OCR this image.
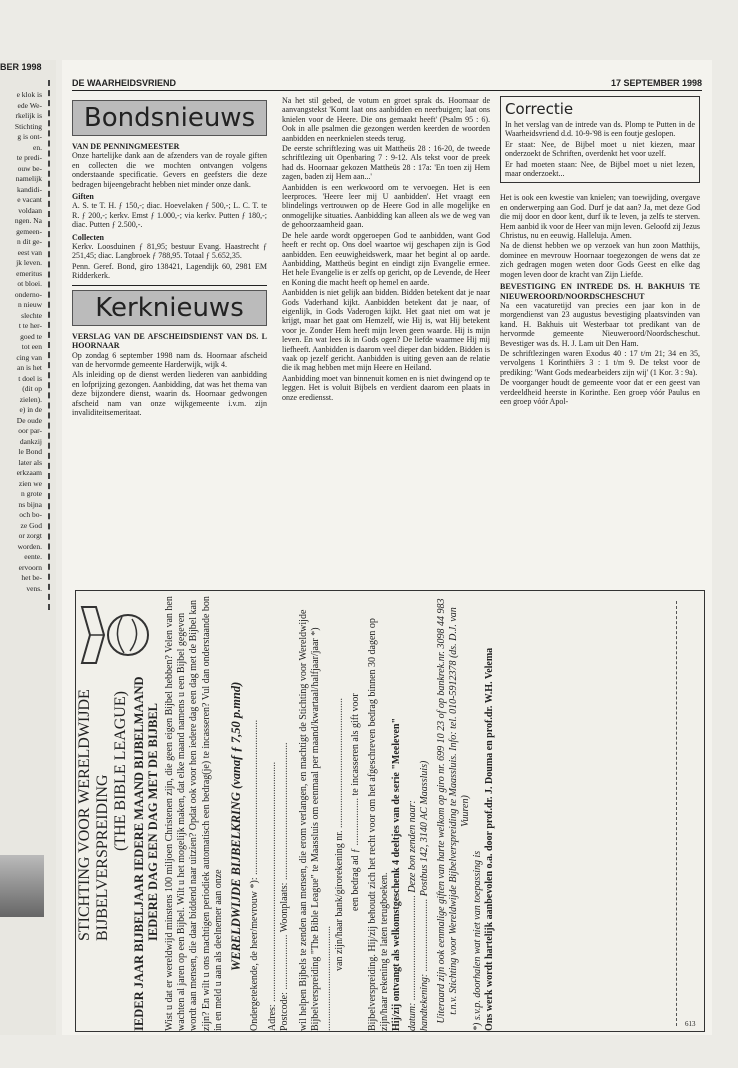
BER 1998
e klok is
ede We-
rkelijk is
Stichting
g is ont-
en.
te predi-
ouw be-
namelijk
kandidi-
e vacant
voldaan
ngen. Na
gemeen-
n dit ge-
eest van
jk leven.
emeritus
ot bloei.
onderno-
n nieuw
slechte
t te her-
goed te
tot een
cing van
an is het
t doel is
(dit op
zielen).
e) in de
De oude
oor par-
dankzij
le Bond
later als
erkzaam
zien we
n grote
ns bijna
och bo-
ze God
or zorgt
worden.
eente.
ervoorn
het be-
vens.
DE WAARHEIDSVRIEND	17 SEPTEMBER 1998
Bondsnieuws
VAN DE PENNINGMEESTER

Onze hartelijke dank aan de afzenders van de royale giften en collecten die we mochten ontvangen volgens onderstaande specificatie. Gevers en geefsters die deze bedragen bijeengebracht hebben niet minder onze dank.

Giften

A. S. te T. H. ƒ 150,-; diac. Hoevelaken ƒ 500,-; L. C. T. te R. ƒ 200,-; kerkv. Emst ƒ 1.000,-; via kerkv. Putten ƒ 180,-; diac. Putten ƒ 2.500,-.

Collecten

Kerkv. Loosduinen ƒ 81,95; bestuur Evang. Haastrecht ƒ 251,45; diac. Langbroek ƒ 788,95. Totaal ƒ 5.652,35.

Penn. Geref. Bond, giro 138421, Lagendijk 60, 2981 EM Ridderkerk.

Kerknieuws
VERSLAG VAN DE AFSCHEIDSDIENST VAN DS. L HOORNAAR

Op zondag 6 september 1998 nam ds. Hoornaar afscheid van de hervormde gemeente Harderwijk, wijk 4.

Als inleiding op de dienst werden liederen van aanbidding en lofprijzing gezongen. Aanbidding, dat was het thema van deze bijzondere dienst, waarin ds. Hoornaar gedwongen afscheid nam van onze wijkgemeente i.v.m. zijn invaliditeitsemeritaat.

Na het stil gebed, de votum en groet sprak ds. Hoornaar de aanvangstekst 'Komt laat ons aanbidden en neerbuigen; laat ons knielen voor de Heere. Die ons gemaakt heeft' (Psalm 95 : 6). Ook in alle psalmen die gezongen werden keerden de woorden aanbidden en neerknielen steeds terug.

De eerste schriftlezing was uit Mattheüs 28 : 16-20, de tweede schriftlezing uit Openbaring 7 : 9-12. Als tekst voor de preek had ds. Hoornaar gekozen Mattheüs 28 : 17a: 'En toen zij Hem zagen, baden zij Hem aan...'

Aanbidden is een werkwoord om te vervoegen. Het is een leerproces. 'Heere leer mij U aanbidden'. Het vraagt een blindelings vertrouwen op de Heere God in alle mogelijke en onmogelijke situaties. Aanbidding kan alleen als we de weg van de gehoorzaamheid gaan.

De hele aarde wordt opgeroepen God te aanbidden, want God heeft er recht op. Ons doel waartoe wij geschapen zijn is God aanbidden. Een eeuwigheidswerk, maar het begint al op aarde. Aanbidding, Mattheüs begint en eindigt zijn Evangelie ermee. Het hele Evangelie is er zelfs op gericht, op de Levende, de Heer en Koning die macht heeft op hemel en aarde.

Aanbidden is niet gelijk aan bidden. Bidden betekent dat je naar Gods Vaderhand kijkt. Aanbidden betekent dat je naar, of eigenlijk, in Gods Vaderogen kijkt. Het gaat niet om wat je krijgt, maar het gaat om Hemzelf, wie Hij is, wat Hij betekent voor je. Zonder Hem heeft mijn leven geen waarde. Hij is mijn leven. En wat lees ik in Gods ogen? De liefde waarmee Hij mij liefheeft. Aanbidden is daarom veel dieper dan bidden. Bidden is vaak op jezelf gericht. Aanbidden is uiting geven aan de relatie die ik mag hebben met mijn Heere en Heiland.

Aanbidding moet van binnenuit komen en is niet dwingend op te leggen. Het is voluit Bijbels en verdient daarom een plaats in onze erediensst.

Correctie

In het verslag van de intrede van ds. Plomp te Putten in de Waarheidsvriend d.d. 10-9-'98 is een foutje geslopen.

Er staat: Nee, de Bijbel moet u niet kiezen, maar onderzoekt de Schriften, overdenkt het voor uzelf.

Er had moeten staan: Nee, de Bijbel moet u niet lezen, maar onderzoekt...

Het is ook een kwestie van knielen; van toewijding, overgave en onderwerping aan God. Durf je dat aan? Ja, met deze God die mij door en door kent, durf ik te leven, ja zelfs te sterven. Hem aanbid ik voor de Heer van mijn leven. Geloofd zij Jezus Christus, nu en eeuwig. Halleluja. Amen.

Na de dienst hebben we op verzoek van hun zoon Matthijs, dominee en mevrouw Hoornaar toegezongen de wens dat ze zich gedragen mogen weten door Gods Geest en elke dag mogen leven door de kracht van Zijn Liefde.

BEVESTIGING EN INTREDE DS. H. BAKHUIS TE NIEUWEROORD/NOORDSCHESCHUT

Na een vacaturetijd van precies een jaar kon in de morgendienst van 23 augustus bevestiging plaatsvinden van kand. H. Bakhuis uit Westerbaar tot predikant van de hervormde gemeente Nieuweroord/Noordscheschut. Bevestiger was ds. H. J. Lam uit Den Ham.

De schriftlezingen waren Exodus 40 : 17 t/m 21; 34 en 35, vervolgens 1 Korinthiërs 3 : 1 t/m 9. De tekst voor de prediking: 'Want Gods medearbeiders zijn wij' (1 Kor. 3 : 9a).

De voorganger houdt de gemeente voor dat er een geest van verdeeldheid heerste in Korinthe. Een groep vóór Paulus en een groep vóór Apol-

STICHTING VOOR WERELDWIJDE BIJBELVERSPREIDING

(THE BIBLE LEAGUE) IEDER JAAR BIJBELJAAR IEDERE MAAND BIJBELMAAND IEDERE DAG EEN DAG MET DE BIJBEL Wist u dat er wereldwijd minstens 100 miljoen Christenen zijn, die geen eigen Bijbel hebben? Velen van hen wachten al jaren op een Bijbel. Wilt u het mogelijk maken, dat elke maand namens u een Bijbel gegeven wordt aan mensen, die daar biddend naar uitzien? Opdat ook voor hen iedere dag een dag met de Bijbel kan zijn? En wilt u ons machtigen periodiek automatisch een bedrag(je) te incasseren? Vul dan onderstaande bon in en meld u aan als deelnemer aan onze WERELDWIJDE BIJBELKRING (vanaf ƒ 7,50 p.mnd) Ondergetekende, de heer/mevrouw *): .............................................................. Adres: ................................................................................................ Postcode: ...................... Woonplaats: ....................................................... wil helpen Bijbels te zenden aan mensen, die erom verlangen, en machtigt de Stichting voor Wereldwijde Bijbelverspreiding "The Bible League" te Maassluis om eenmaal per maand/kwartaal/halfjaar/jaar *) ..........................................

van zijn/haar bank/girorekening nr. .................................................... een bedrag ad ƒ ................... te incasseren als gift voor Bijbelverspreiding. Hij/zij behoudt zich het recht voor om het afgeschreven bedrag binnen 30 dagen op zijn/haar rekening te laten terugboeken. Hij/zij ontvangt als welkomstgeschenk 4 deeltjes van de serie "Meeleven" datum: .......................................... Deze bon zenden naar: handtekening: ............................. Postbus 142, 3140 AC Maassluis) Uiteraard zijn ook eenmalige giften van harte welkom op giro nr. 699 10 23 of op bankrek.nr. 3098 44 983 t.n.v. Stichting voor Wereldwijde Bijbelverspreiding te Maassluis. Info: tel. 010-5912378 (ds. D.J. van Vuuren)

*) s.v.p. doorhalen wat niet van toepassing is Ons werk wordt hartelijk aanbevolen o.a. door prof.dr. J. Douma en prof.dr. W.H. Velema	613
